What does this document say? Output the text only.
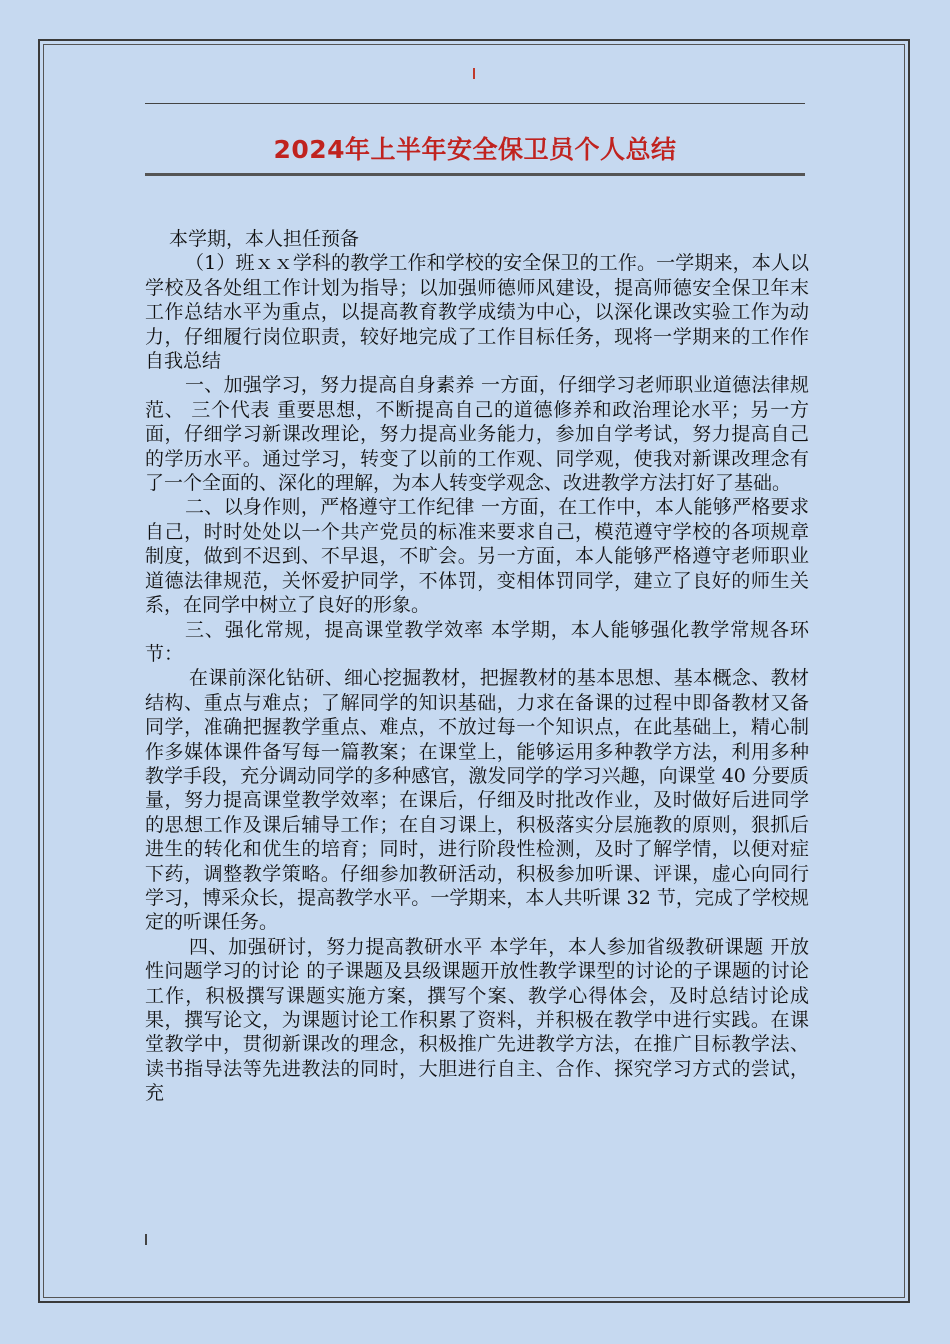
2024年上半年安全保卫员个人总结

本学期，本人担任预备

（1）班ｘｘ学科的教学工作和学校的安全保卫的工作。一学期来，本人以学校及各处组工作计划为指导；以加强师德师风建设，提高师德安全保卫年末工作总结水平为重点，以提高教育教学成绩为中心，以深化课改实验工作为动力，仔细履行岗位职责，较好地完成了工作目标任务，现将一学期来的工作作自我总结

一、加强学习，努力提高自身素养 一方面，仔细学习老师职业道德法律规范、 三个代表 重要思想，不断提高自己的道德修养和政治理论水平；另一方面，仔细学习新课改理论，努力提高业务能力，参加自学考试，努力提高自己的学历水平。通过学习，转变了以前的工作观、同学观，使我对新课改理念有了一个全面的、深化的理解，为本人转变学观念、改进教学方法打好了基础。

二、以身作则，严格遵守工作纪律 一方面，在工作中，本人能够严格要求自己，时时处处以一个共产党员的标准来要求自己，模范遵守学校的各项规章制度，做到不迟到、不早退，不旷会。另一方面，本人能够严格遵守老师职业道德法律规范，关怀爱护同学，不体罚，变相体罚同学，建立了良好的师生关系，在同学中树立了良好的形象。

三、强化常规，提高课堂教学效率 本学期，本人能够强化教学常规各环节：

在课前深化钻研、细心挖掘教材，把握教材的基本思想、基本概念、教材结构、重点与难点；了解同学的知识基础，力求在备课的过程中即备教材又备同学，准确把握教学重点、难点，不放过每一个知识点，在此基础上，精心制作多媒体课件备写每一篇教案；在课堂上，能够运用多种教学方法，利用多种教学手段，充分调动同学的多种感官，激发同学的学习兴趣，向课堂 40 分要质量，努力提高课堂教学效率；在课后，仔细及时批改作业，及时做好后进同学的思想工作及课后辅导工作；在自习课上，积极落实分层施教的原则，狠抓后进生的转化和优生的培育；同时，进行阶段性检测，及时了解学情，以便对症下药，调整教学策略。仔细参加教研活动，积极参加听课、评课，虚心向同行学习，博采众长，提高教学水平。一学期来，本人共听课 32 节，完成了学校规定的听课任务。

四、加强研讨，努力提高教研水平 本学年，本人参加省级教研课题 开放性问题学习的讨论 的子课题及县级课题开放性教学课型的讨论的子课题的讨论工作，积极撰写课题实施方案，撰写个案、教学心得体会，及时总结讨论成果，撰写论文，为课题讨论工作积累了资料，并积极在教学中进行实践。在课堂教学中，贯彻新课改的理念，积极推广先进教学方法，在推广目标教学法、读书指导法等先进教法的同时，大胆进行自主、合作、探究学习方式的尝试，充
